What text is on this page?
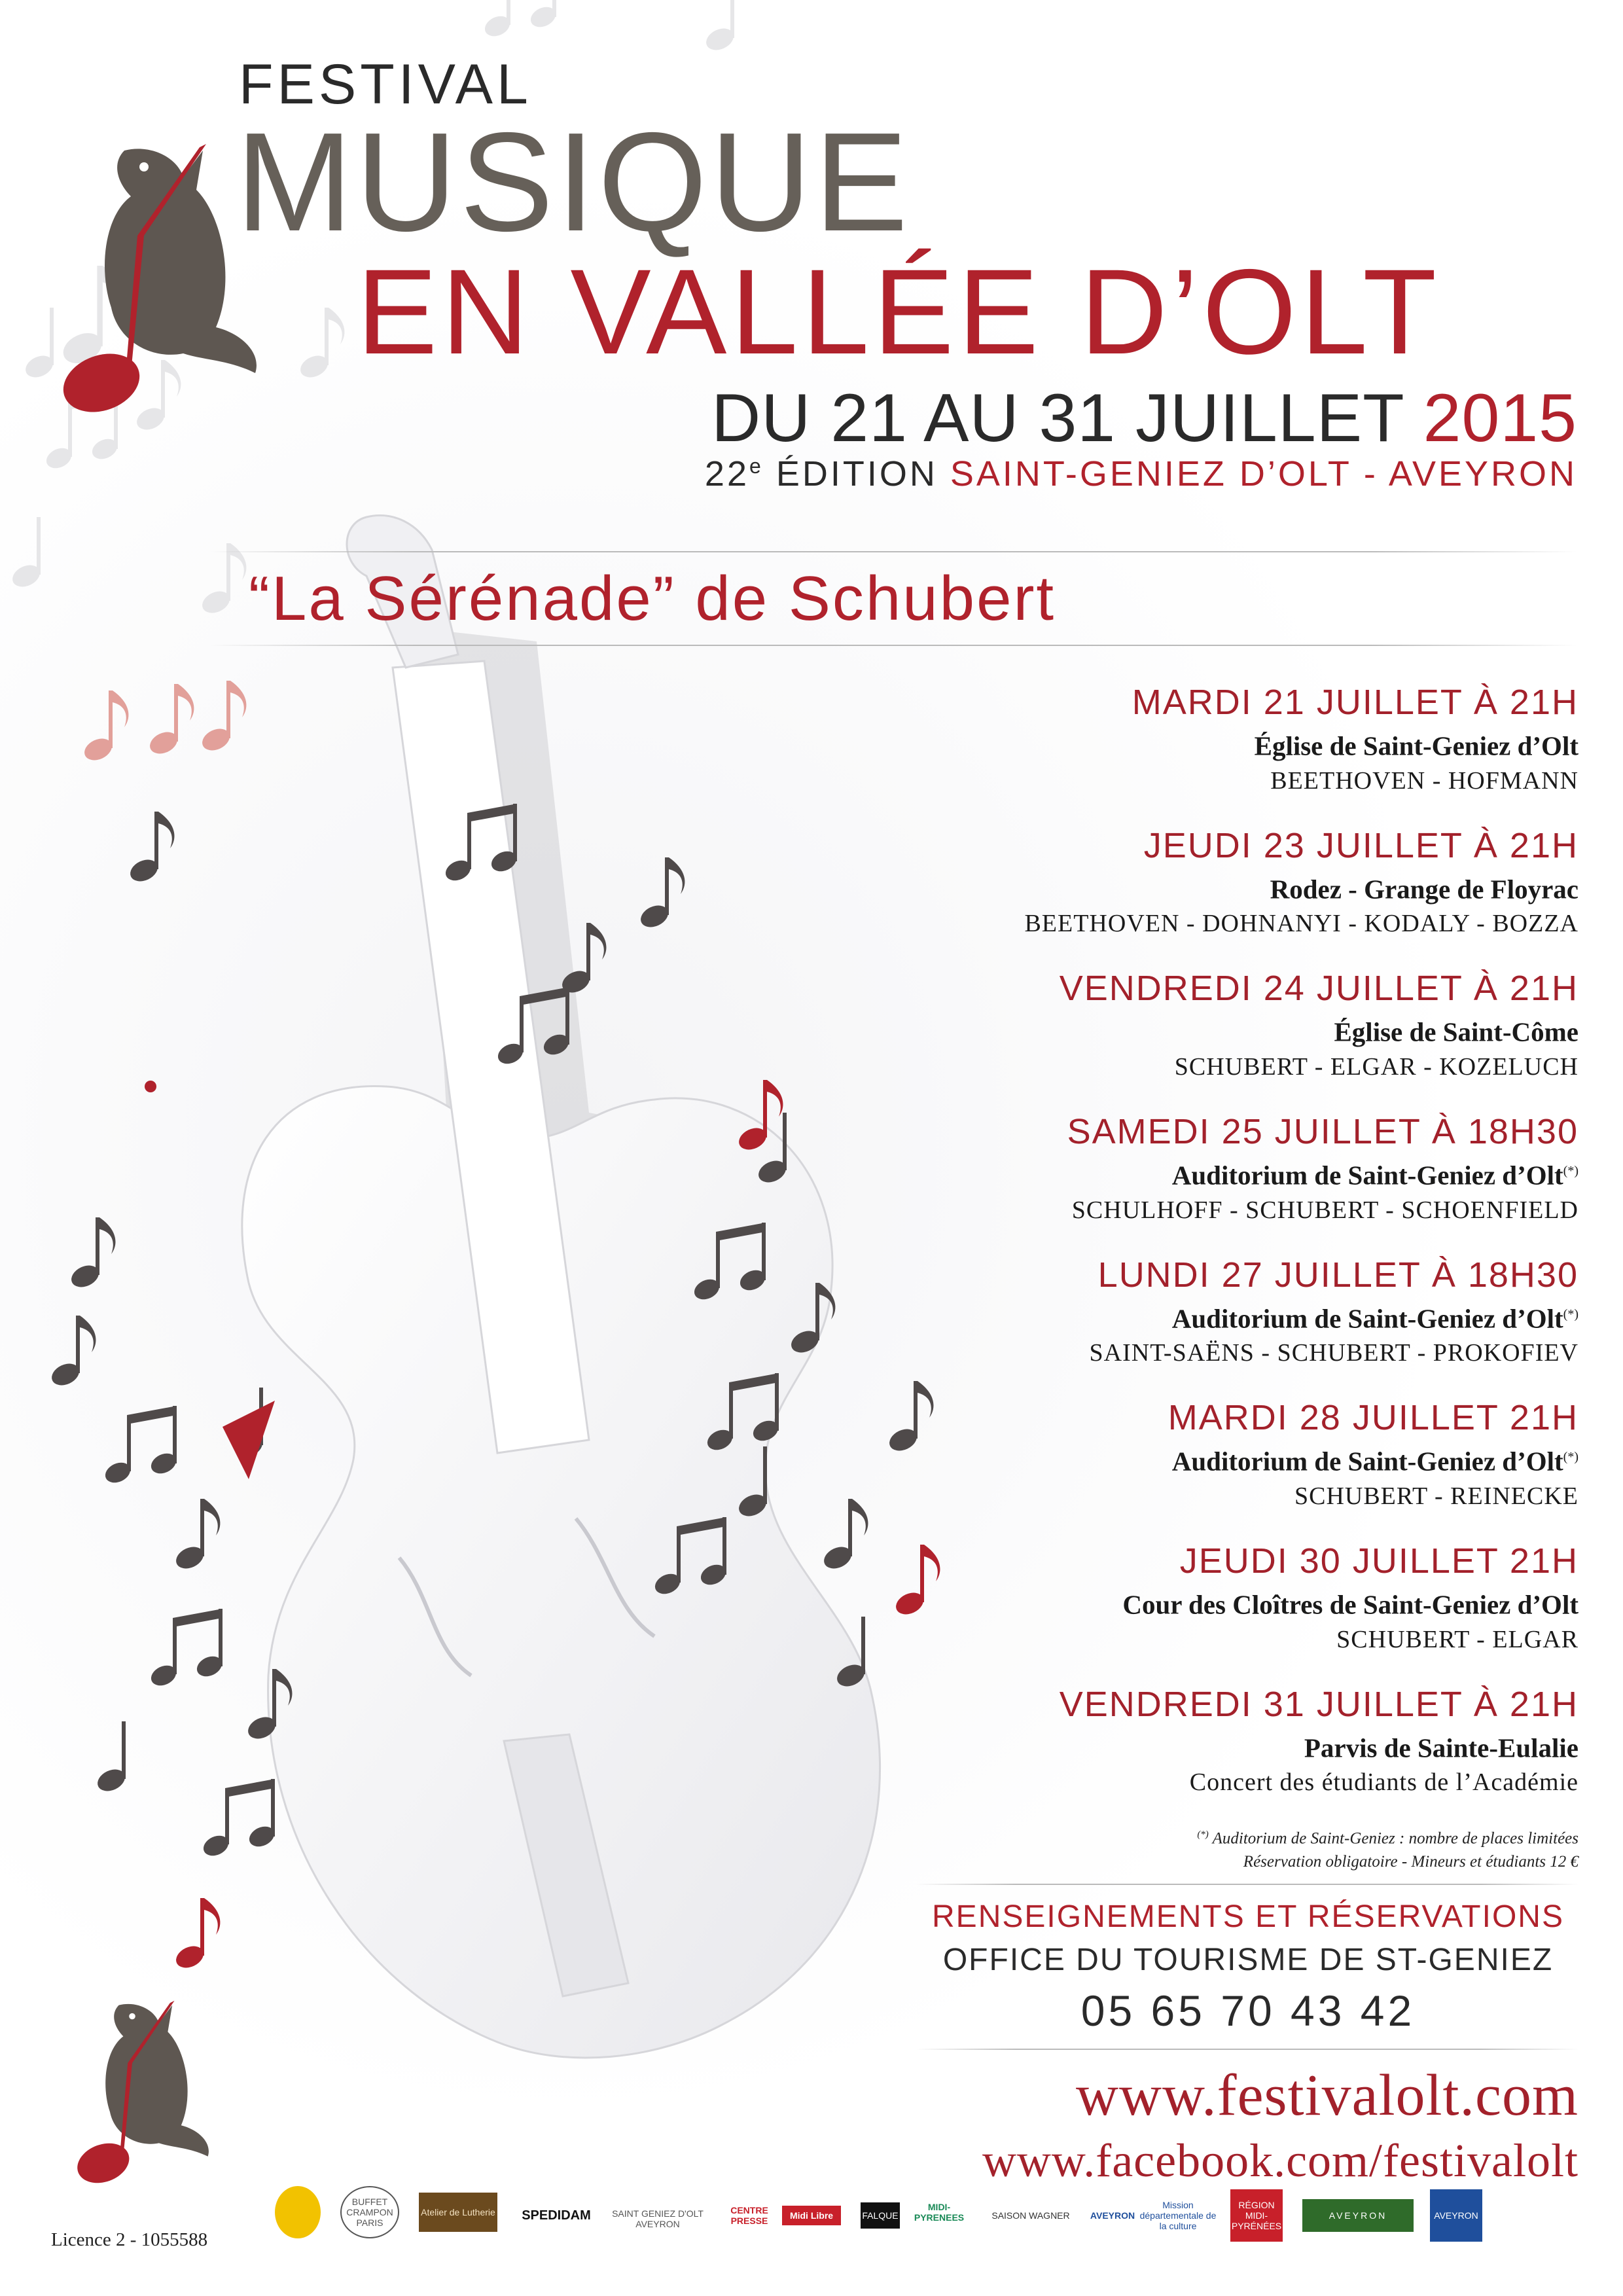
FESTIVAL
MUSIQUE
EN VALLÉE D’OLT
DU 21 AU 31 JUILLET 2015
22e ÉDITION SAINT-GENIEZ D’OLT - AVEYRON
“La Sérénade” de Schubert
MARDI 21 JUILLET À 21H
Église de Saint-Geniez d’Olt
BEETHOVEN - HOFMANN
JEUDI 23 JUILLET À 21H
Rodez - Grange de Floyrac
BEETHOVEN - DOHNANYI - KODALY - BOZZA
VENDREDI 24 JUILLET À 21H
Église de Saint-Côme
SCHUBERT - ELGAR - KOZELUCH
SAMEDI 25 JUILLET À 18H30
Auditorium de Saint-Geniez d’Olt(*)
SCHULHOFF - SCHUBERT - SCHOENFIELD
LUNDI 27 JUILLET À 18H30
Auditorium de Saint-Geniez d’Olt(*)
SAINT-SAËNS - SCHUBERT - PROKOFIEV
MARDI 28 JUILLET 21H
Auditorium de Saint-Geniez d’Olt(*)
SCHUBERT - REINECKE
JEUDI 30 JUILLET 21H
Cour des Cloîtres de Saint-Geniez d’Olt
SCHUBERT - ELGAR
VENDREDI 31 JUILLET À 21H
Parvis de Sainte-Eulalie
Concert des étudiants de l’Académie
(*) Auditorium de Saint-Geniez : nombre de places limitées
Réservation obligatoire - Mineurs et étudiants 12 €
RENSEIGNEMENTS ET RÉSERVATIONS
OFFICE DU TOURISME DE ST-GENIEZ
05 65 70 43 42
www.festivalolt.com
www.facebook.com/festivalolt
Licence 2 - 1055588
BUFFET CRAMPON PARIS
Atelier de Lutherie SPEDIDAM	SAINT GENIEZ D'OLT AVEYRON
CENTRE PRESSE	Midi Libre	FALQUE
MIDI-PYRENEES	SAISON WAGNER AVEYRON
Mission départementale de la culture
RÉGION MIDI-PYRÉNÉES
AVEYRON	AVEYRON
